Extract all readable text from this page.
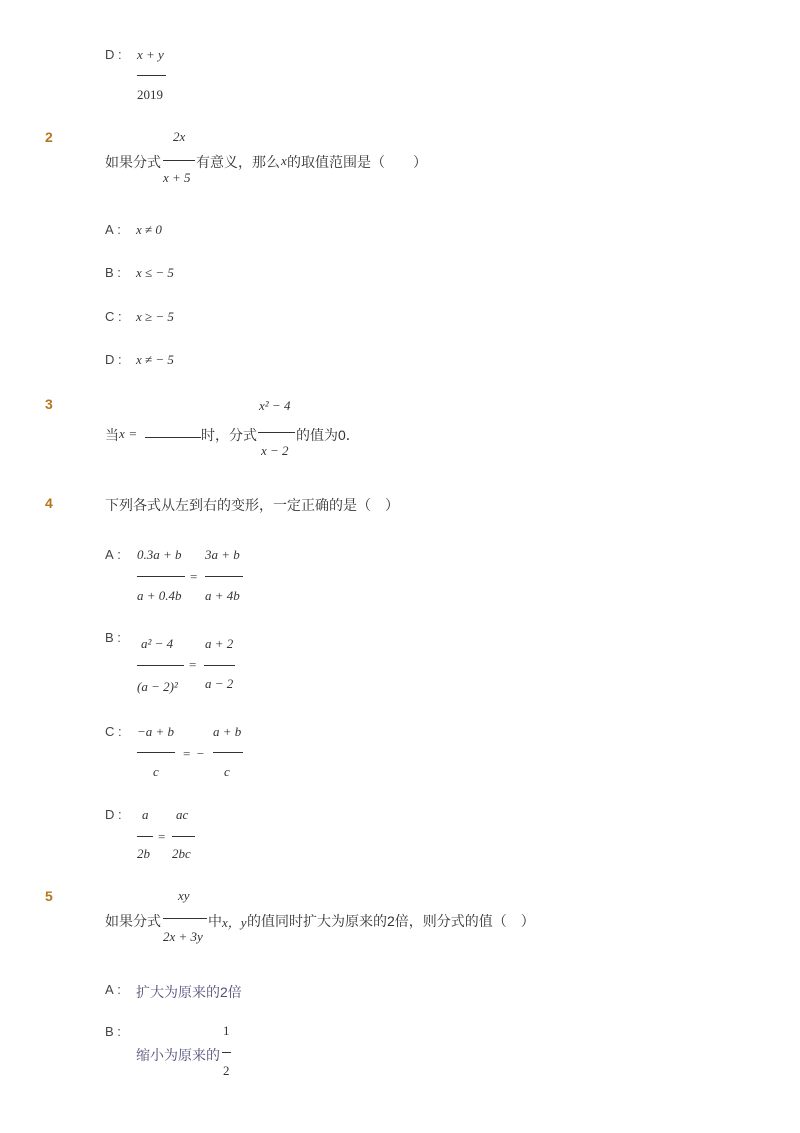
D : x + y
2019
2	2x
如果分式	有意义，那么 x 的取值范围是（　　）
x + 5
A : x ≠ 0
B : x ≤ − 5
C : x ≥ − 5
D : x ≠ − 5
3	x² − 4
当 x =	时，分式	的值为0．
x − 2
4	下列各式从左到右的变形，一定正确的是（　）
A : 0.3a + b
a + 0.4b
=
3a + b
a + 4b
B : a² − 4
(a − 2)²
=
a + 2
a − 2
C : −a + b
c
=  −
a + b
c
D : a
2b
=
ac
2bc
5	xy
如果分式	中 x，y 的值同时扩大为原来的2倍，则分式的值（　）
2x + 3y
A : 扩大为原来的2倍
B :	1
缩小为原来的
2
